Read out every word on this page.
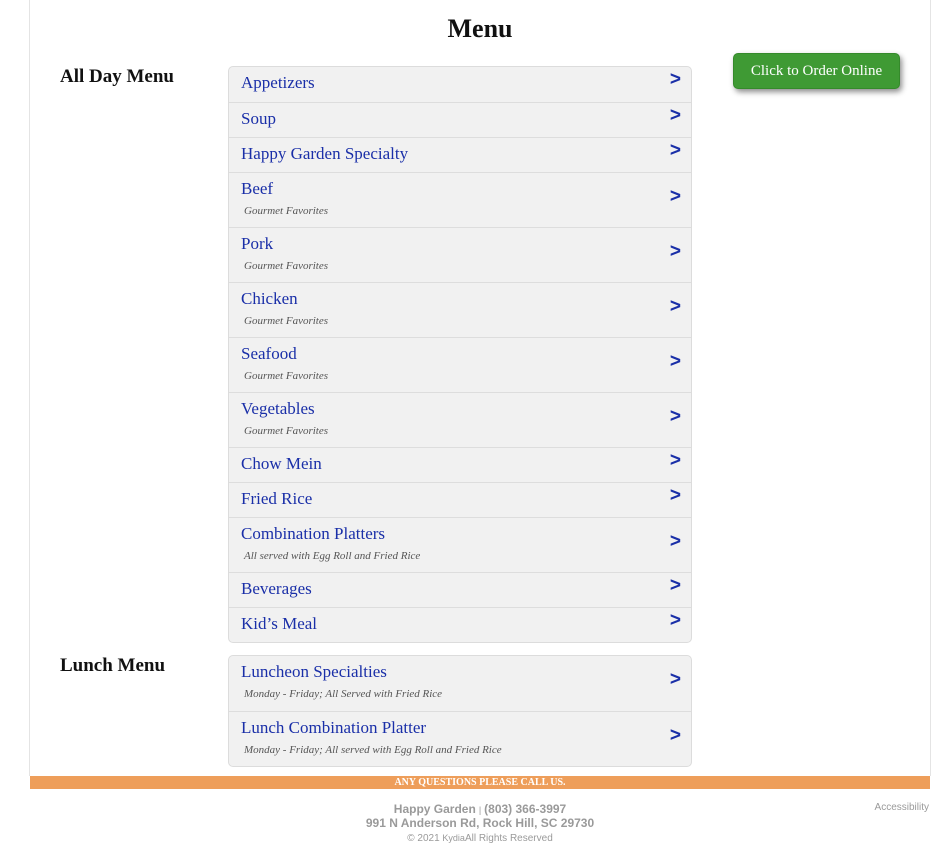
Menu
Click to Order Online
All Day Menu	Appetizers	>
Soup	>
Happy Garden Specialty	>
Beef
Gourmet Favorites
>
Pork
Gourmet Favorites
>
Chicken
Gourmet Favorites
>
Seafood
Gourmet Favorites
>
Vegetables
Gourmet Favorites
>
Chow Mein	>
Fried Rice	>
Combination Platters
All served with Egg Roll and Fried Rice
>
Beverages	>
Kid’s Meal	>
Lunch Menu	Luncheon Specialties
Monday - Friday; All Served with Fried Rice
>
Lunch Combination Platter
Monday - Friday; All served with Egg Roll and Fried Rice
>
ANY QUESTIONS PLEASE CALL US.
Happy Garden | (803) 366-3997
991 N Anderson Rd, Rock Hill, SC 29730
© 2021 KydiaAll Rights Reserved
Accessibility
